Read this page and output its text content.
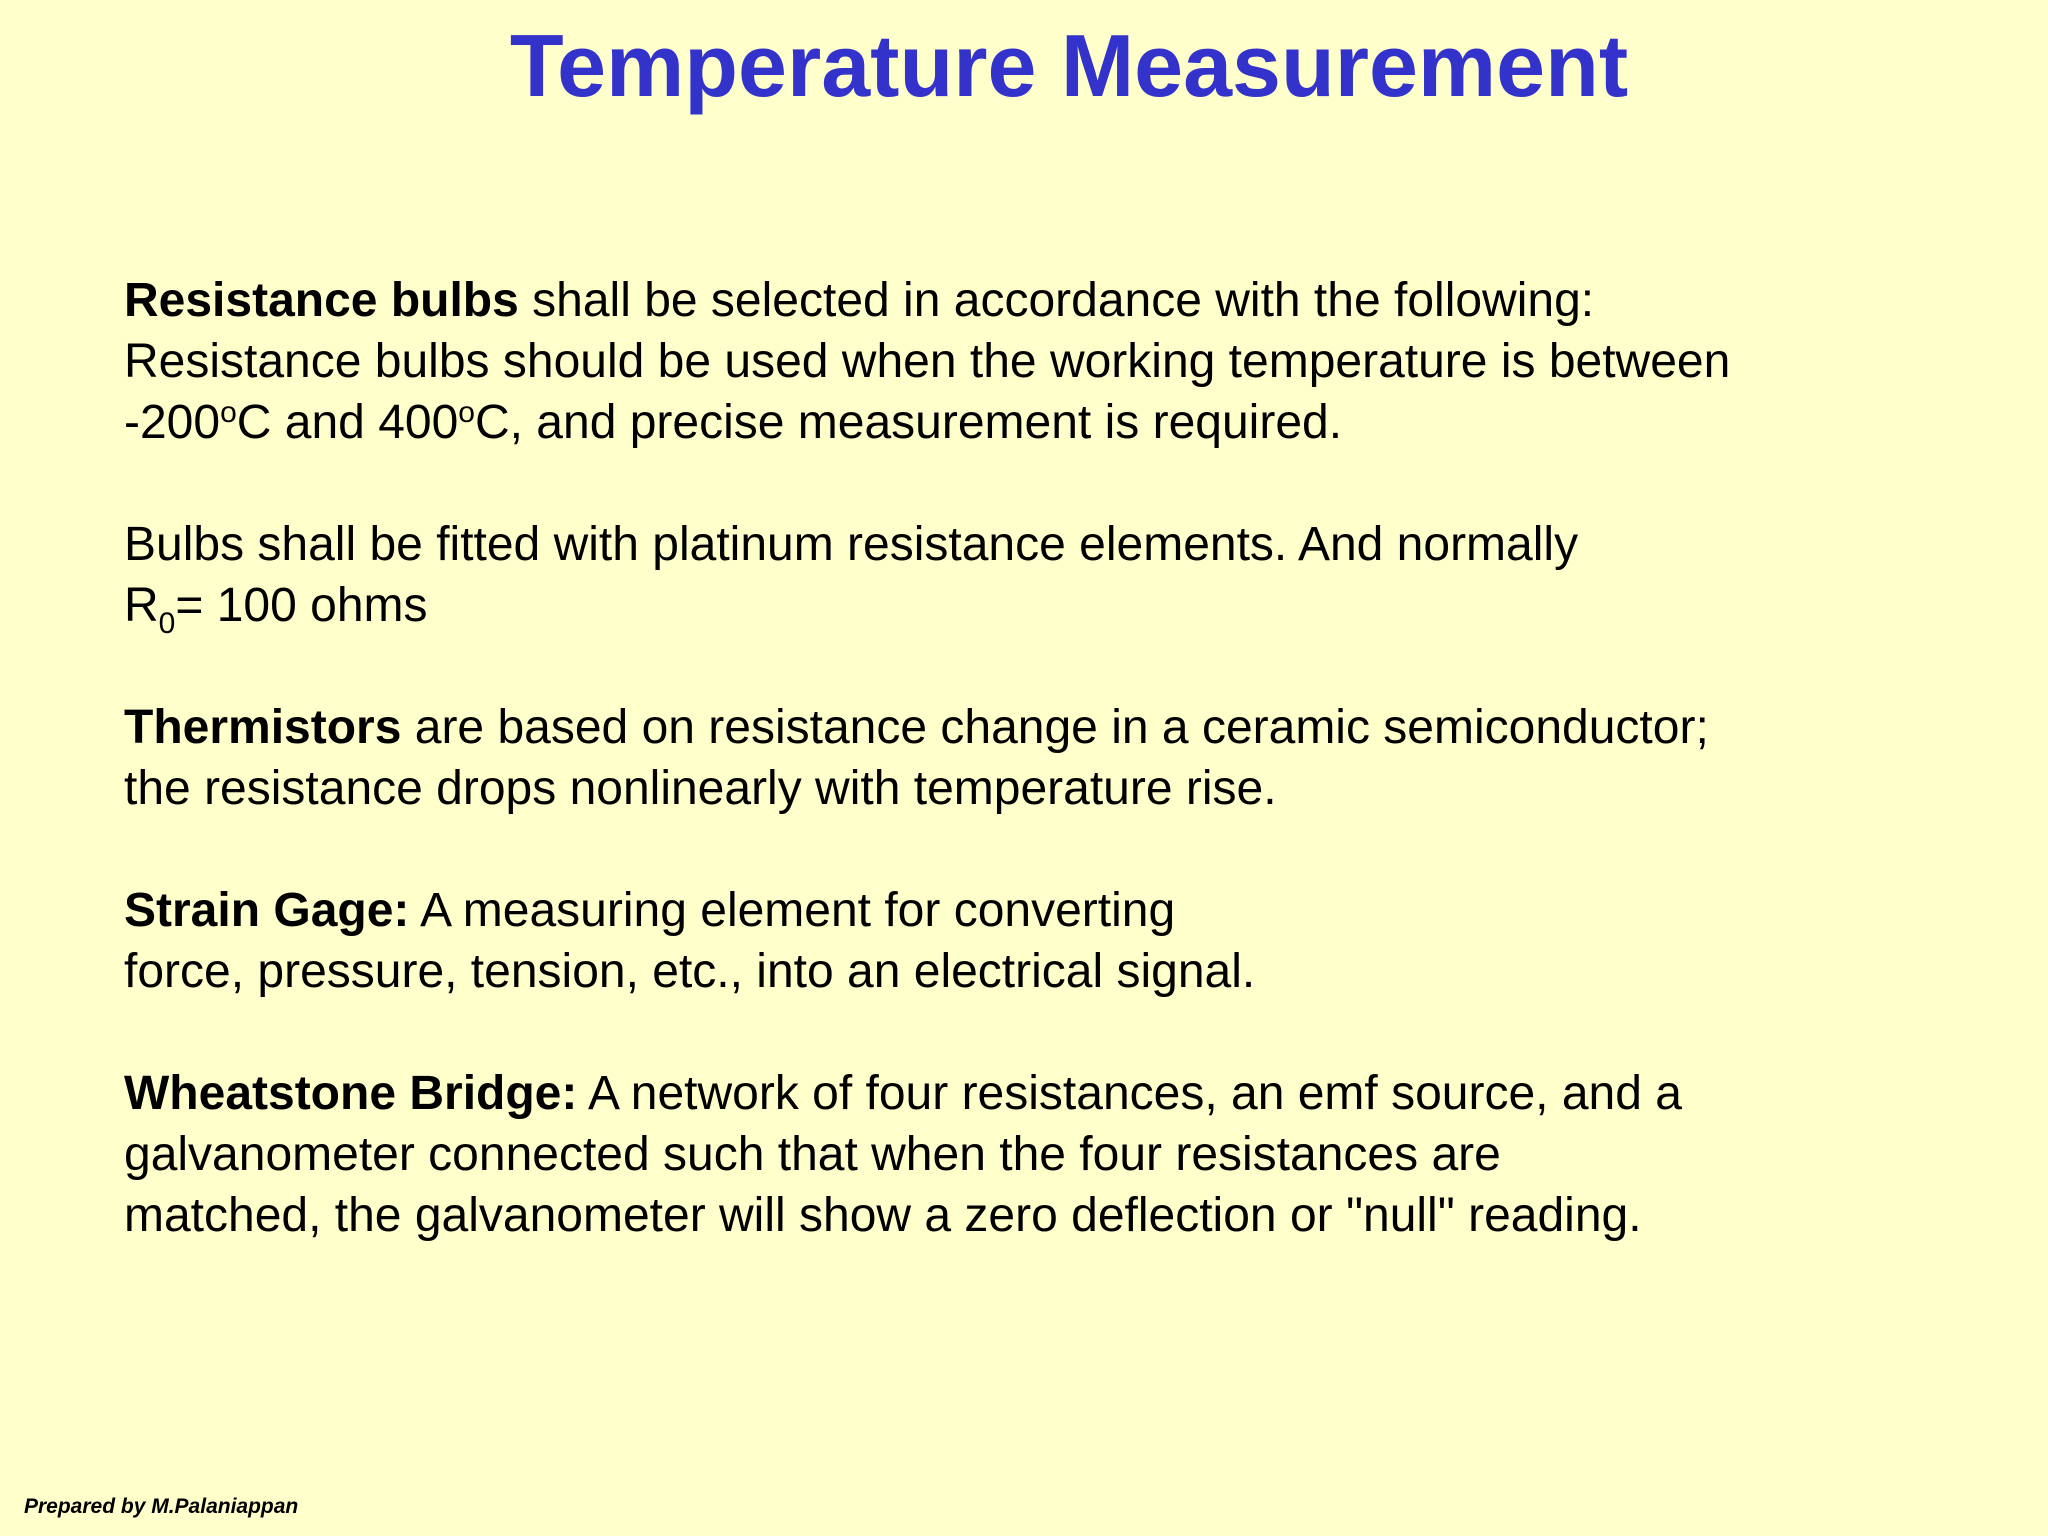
Temperature Measurement

Resistance bulbs shall be selected in accordance with the following:
Resistance bulbs should be used when the working temperature is between
-200$^o$C and 400$^o$C, and precise measurement is required.

Bulbs shall be fitted with platinum resistance elements. And normally
$R_0= 100$ ohms

Thermistors are based on resistance change in a ceramic semiconductor;
the resistance drops nonlinearly with temperature rise.

Strain Gage: A measuring element for converting
force, pressure, tension, etc., into an electrical signal.

Wheatstone Bridge: A network of four resistances, an emf source, and a
galvanometer connected such that when the four resistances are
matched, the galvanometer will show a zero deflection or "null" reading.

Prepared by M.Palaniappan
